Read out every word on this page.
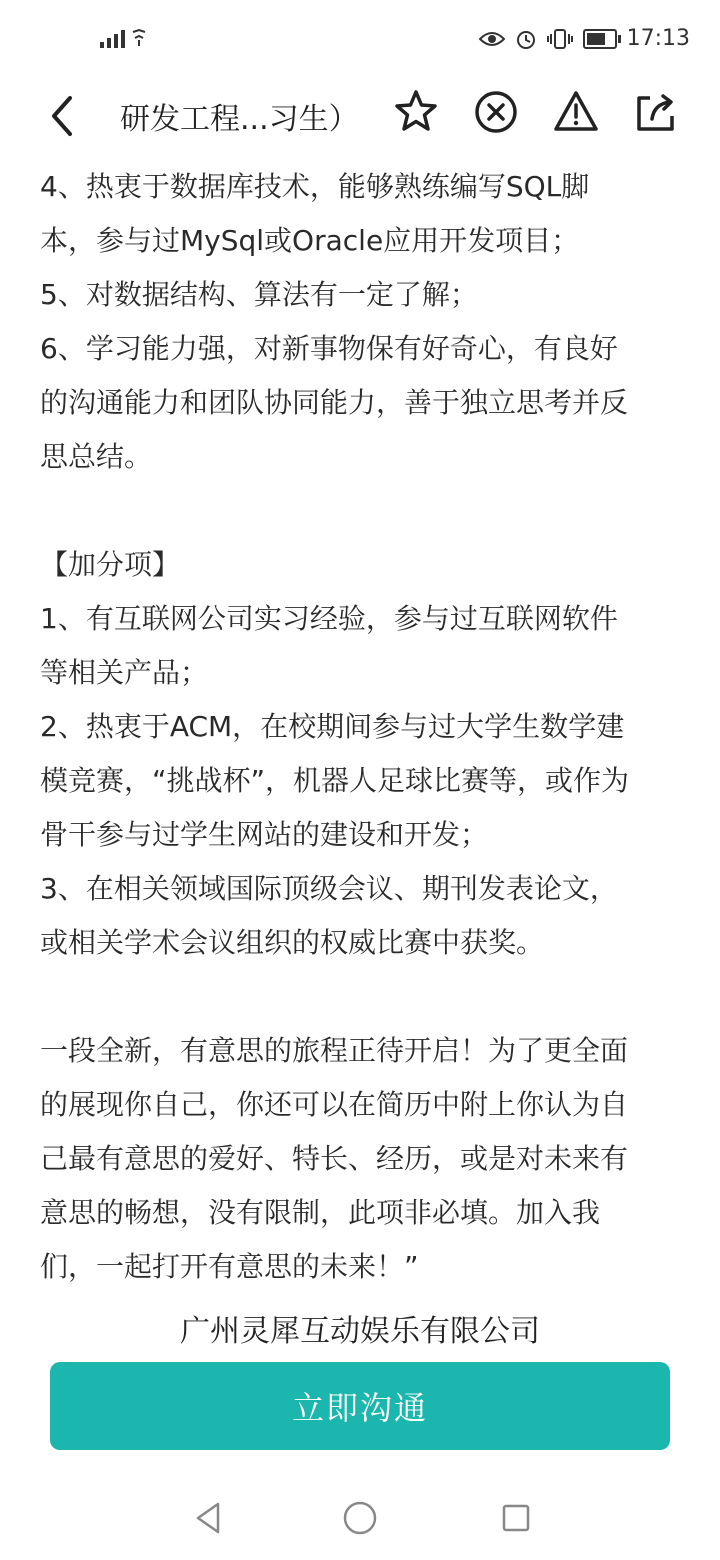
17:13
研发工程...习生）

4、热衷于数据库技术，能够熟练编写SQL脚

本，参与过MySql或Oracle应用开发项目；

5、对数据结构、算法有一定了解；

6、学习能力强，对新事物保有好奇心，有良好

的沟通能力和团队协同能力，善于独立思考并反

思总结。

【加分项】

1、有互联网公司实习经验，参与过互联网软件

等相关产品；

2、热衷于ACM，在校期间参与过大学生数学建

模竞赛，“挑战杯”，机器人足球比赛等，或作为

骨干参与过学生网站的建设和开发；

3、在相关领域国际顶级会议、期刊发表论文，

或相关学术会议组织的权威比赛中获奖。

一段全新，有意思的旅程正待开启！为了更全面

的展现你自己，你还可以在简历中附上你认为自

己最有意思的爱好、特长、经历，或是对未来有

意思的畅想，没有限制，此项非必填。加入我

们，一起打开有意思的未来！”

广州灵犀互动娱乐有限公司
立即沟通
